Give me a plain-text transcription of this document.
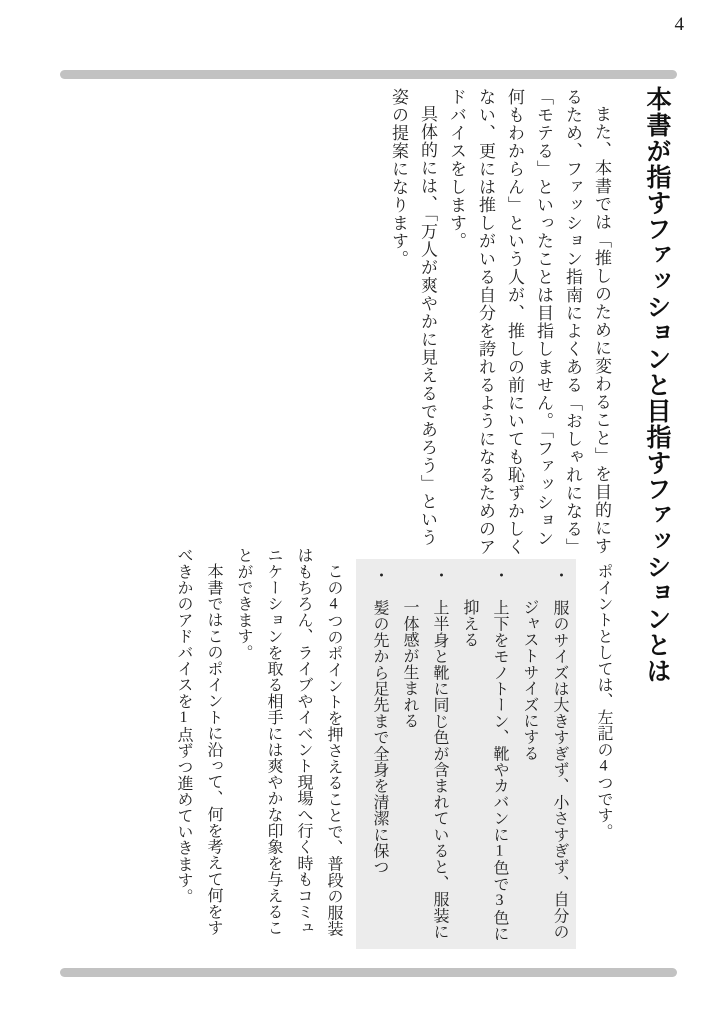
4
本書が指すファッションと目指すファッションとは

また、本書では「推しのために変わること」を目的にするため、ファッション指南によくある「おしゃれになる」「モテる」といったことは目指しません。「ファッション何もわからん」という人が、推しの前にいても恥ずかしくない、更には推しがいる自分を誇れるようになるためのアドバイスをします。

具体的には、「万人が爽やかに見えるであろう」という姿の提案になります。

ポイントとしては、左記の4つです。

・　服のサイズは大きすぎず、小さすぎず、自分のジャストサイズにする
・　上下をモノトーン、靴やカバンに1色で3色に抑える
・　上半身と靴に同じ色が含まれていると、服装に一体感が生まれる
・　髪の先から足先まで全身を清潔に保つ

この4つのポイントを押さえることで、普段の服装はもちろん、ライブやイベント現場へ行く時もコミュニケーションを取る相手には爽やかな印象を与えることができます。

本書ではこのポイントに沿って、何を考えて何をすべきかのアドバイスを1点ずつ進めていきます。
